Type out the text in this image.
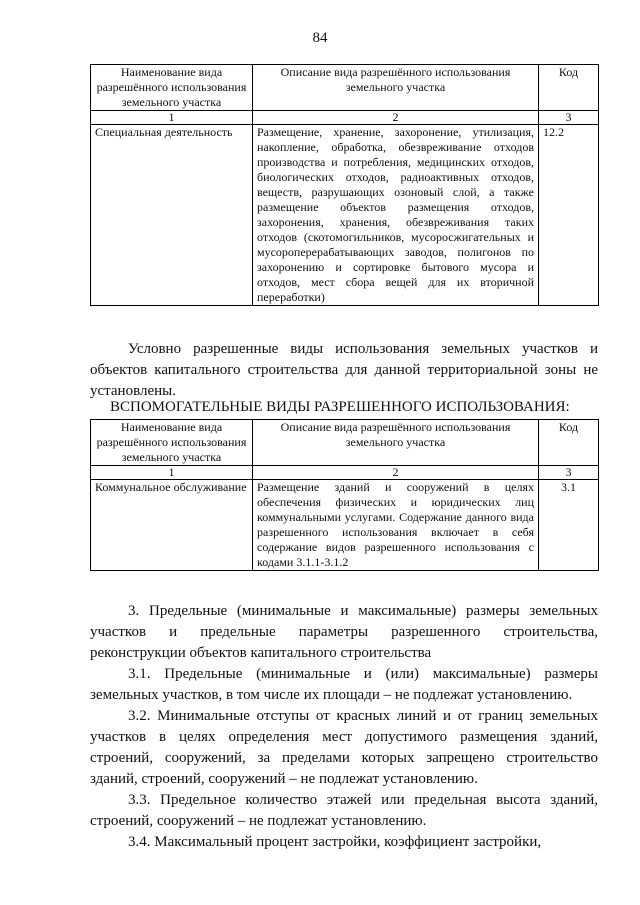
84
Наименование вида разрешённого использования земельного участка	Описание вида разрешённого использования земельного участка	Код
1	2	3
Специальная деятельность	Размещение, хранение, захоронение, утилизация, накопление, обработка, обезвреживание отходов производства и потребления, медицинских отходов, биологических отходов, радиоактивных отходов, веществ, разрушающих озоновый слой, а также размещение объектов размещения отходов, захоронения, хранения, обезвреживания таких отходов (скотомогильников, мусоросжигательных и мусороперерабатывающих заводов, полигонов по захоронению и сортировке бытового мусора и отходов, мест сбора вещей для их вторичной переработки)	12.2

Условно разрешенные виды использования земельных участков и объектов капитального строительства для данной территориальной зоны не установлены.

ВСПОМОГАТЕЛЬНЫЕ ВИДЫ РАЗРЕШЕННОГО ИСПОЛЬЗОВАНИЯ:

Наименование вида разрешённого использования земельного участка	Описание вида разрешённого использования земельного участка	Код
1	2	3
Коммунальное обслуживание	Размещение зданий и сооружений в целях обеспечения физических и юридических лиц коммунальными услугами. Содержание данного вида разрешенного использования включает в себя содержание видов разрешенного использования с кодами 3.1.1-3.1.2	3.1

3. Предельные (минимальные и максимальные) размеры земельных участков и предельные параметры разрешенного строительства, реконструкции объектов капитального строительства

3.1. Предельные (минимальные и (или) максимальные) размеры земельных участков, в том числе их площади – не подлежат установлению.

3.2. Минимальные отступы от красных линий и от границ земельных участков в целях определения мест допустимого размещения зданий, строений, сооружений, за пределами которых запрещено строительство зданий, строений, сооружений – не подлежат установлению.

3.3. Предельное количество этажей или предельная высота зданий, строений, сооружений – не подлежат установлению.

3.4. Максимальный процент застройки, коэффициент застройки,
